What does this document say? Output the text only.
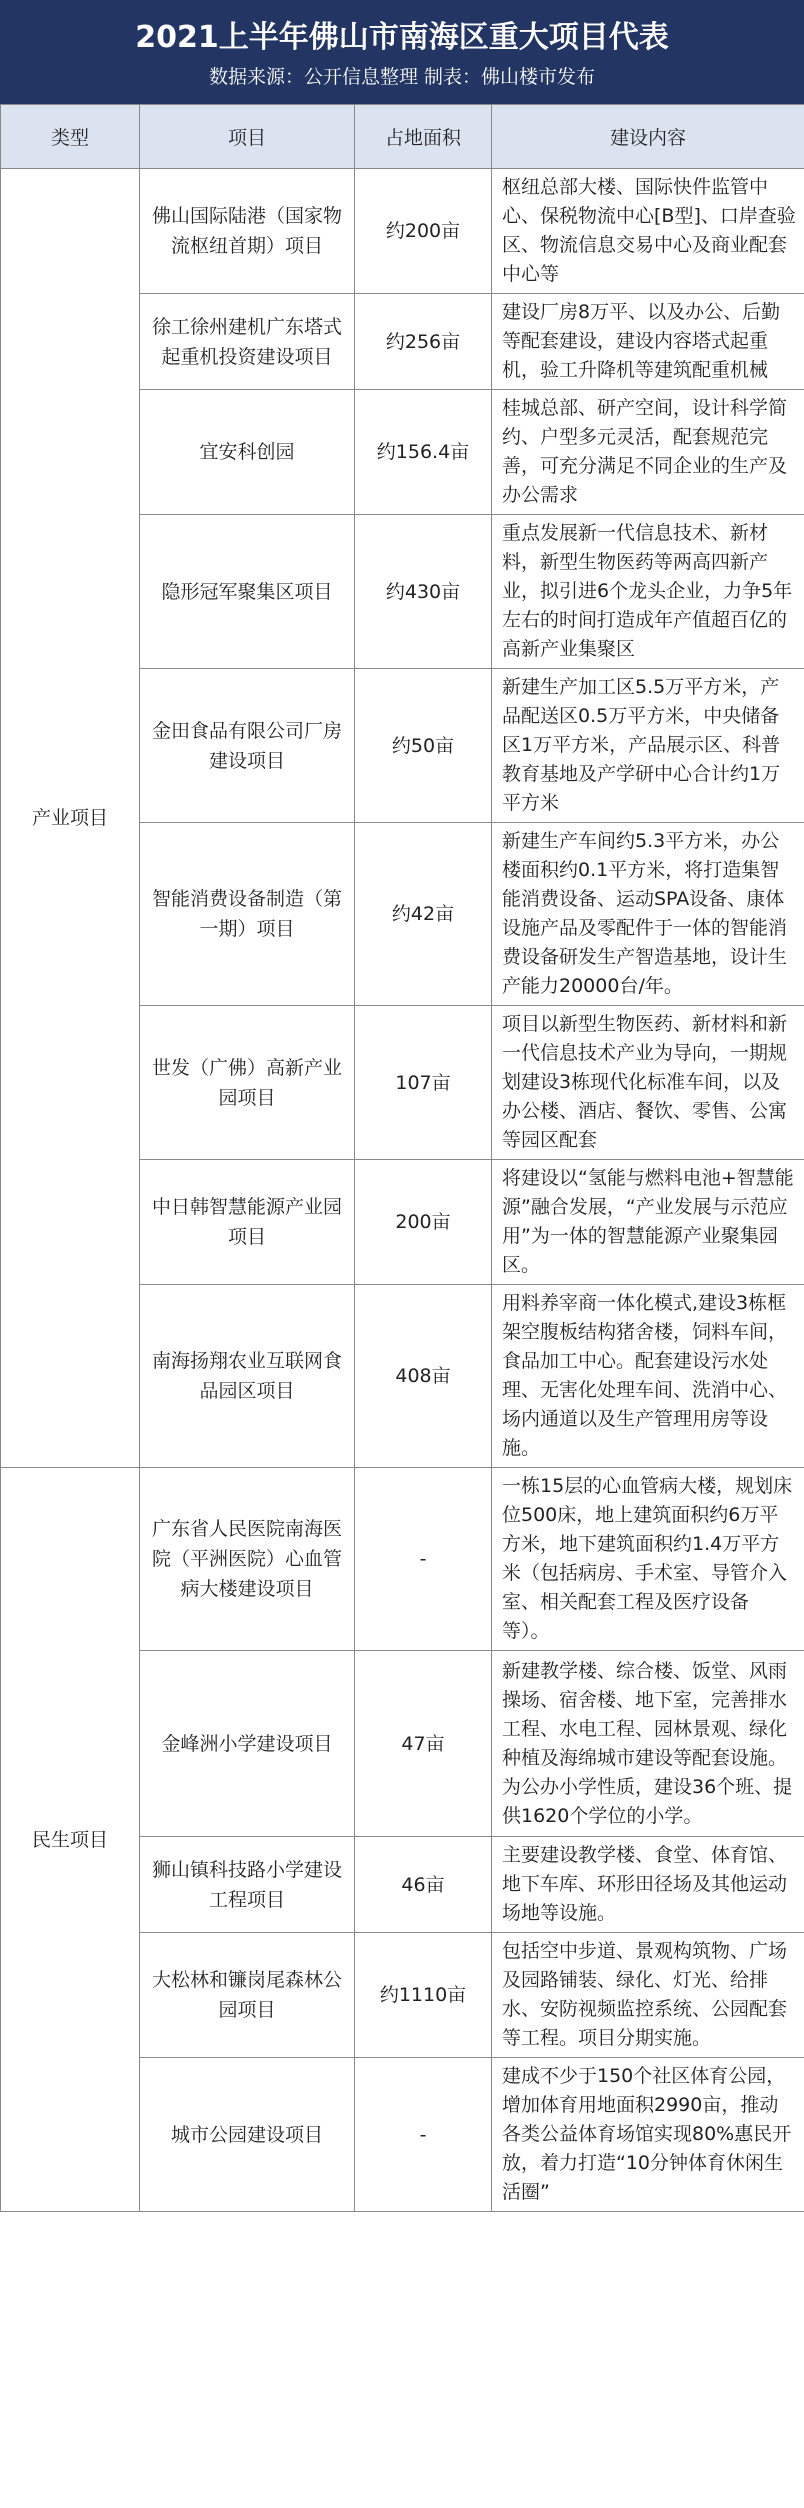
2021上半年佛山市南海区重大项目代表
数据来源：公开信息整理 制表：佛山楼市发布
类型	项目	占地面积	建设内容
产业项目	佛山国际陆港（国家物流枢纽首期）项目	约200亩	枢纽总部大楼、国际快件监管中心、保税物流中心[B型]、口岸查验区、物流信息交易中心及商业配套中心等
	徐工徐州建机广东塔式起重机投资建设项目	约256亩	建设厂房8万平、以及办公、后勤等配套建设，建设内容塔式起重机，验工升降机等建筑配重机械
	宜安科创园	约156.4亩	桂城总部、研产空间，设计科学简约、户型多元灵活，配套规范完善，可充分满足不同企业的生产及办公需求
	隐形冠军聚集区项目	约430亩	重点发展新一代信息技术、新材料，新型生物医药等两高四新产业，拟引进6个龙头企业，力争5年左右的时间打造成年产值超百亿的高新产业集聚区
	金田食品有限公司厂房建设项目	约50亩	新建生产加工区5.5万平方米，产品配送区0.5万平方米，中央储备区1万平方米，产品展示区、科普教育基地及产学研中心合计约1万平方米
	智能消费设备制造（第一期）项目	约42亩	新建生产车间约5.3平方米，办公楼面积约0.1平方米，将打造集智能消费设备、运动SPA设备、康体设施产品及零配件于一体的智能消费设备研发生产智造基地，设计生产能力20000台/年。
	世发（广佛）高新产业园项目	107亩	项目以新型生物医药、新材料和新一代信息技术产业为导向，一期规划建设3栋现代化标准车间，以及办公楼、酒店、餐饮、零售、公寓等园区配套
	中日韩智慧能源产业园项目	200亩	将建设以“氢能与燃料电池+智慧能源”融合发展，“产业发展与示范应用”为一体的智慧能源产业聚集园区。
	南海扬翔农业互联网食品园区项目	408亩	用料养宰商一体化模式,建设3栋框架空腹板结构猪舍楼，饲料车间，食品加工中心。配套建设污水处理、无害化处理车间、洗消中心、场内通道以及生产管理用房等设施。
民生项目	广东省人民医院南海医院（平洲医院）心血管病大楼建设项目	-	一栋15层的心血管病大楼，规划床位500床，地上建筑面积约6万平方米，地下建筑面积约1.4万平方米（包括病房、手术室、导管介入室、相关配套工程及医疗设备等）。
	金峰洲小学建设项目	47亩	新建教学楼、综合楼、饭堂、风雨操场、宿舍楼、地下室，完善排水工程、水电工程、园林景观、绿化种植及海绵城市建设等配套设施。为公办小学性质，建设36个班、提供1620个学位的小学。
	狮山镇科技路小学建设工程项目	46亩	主要建设教学楼、食堂、体育馆、地下车库、环形田径场及其他运动场地等设施。
	大松林和镰岗尾森林公园项目	约1110亩	包括空中步道、景观构筑物、广场及园路铺装、绿化、灯光、给排水、安防视频监控系统、公园配套等工程。项目分期实施。
	城市公园建设项目	-	建成不少于150个社区体育公园，增加体育用地面积2990亩，推动各类公益体育场馆实现80%惠民开放，着力打造“10分钟体育休闲生活圈”
